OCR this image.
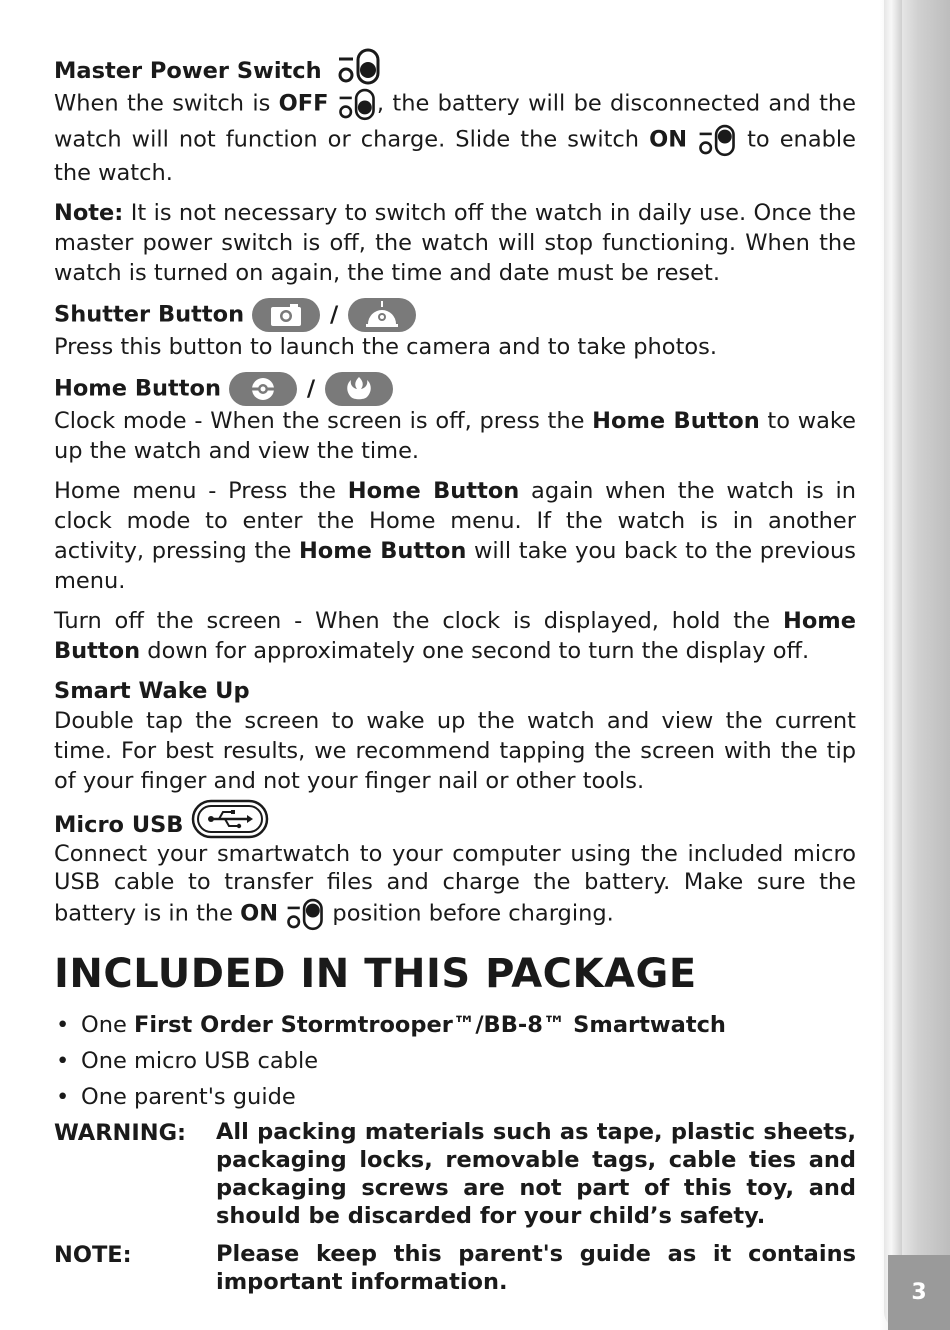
3
Master Power Switch
When the switch is OFF , the battery will be disconnected and the watch will not function or charge. Slide the switch ON  to enable the watch.
Note: It is not necessary to switch off the watch in daily use. Once the master power switch is off, the watch will stop functioning. When the watch is turned on again, the time and date must be reset.
Shutter Button	/
Press this button to launch the camera and to take photos.
Home Button	/
Clock mode - When the screen is off, press the Home Button to wake up the watch and view the time.
Home menu - Press the Home Button again when the watch is in clock mode to enter the Home menu. If the watch is in another activity, pressing the Home Button will take you back to the previous menu.
Turn off the screen - When the clock is displayed, hold the Home Button down for approximately one second to turn the display off.
Smart Wake Up
Double tap the screen to wake up the watch and view the current time. For best results, we recommend tapping the screen with the tip of your finger and not your finger nail or other tools.
Micro USB
Connect your smartwatch to your computer using the included micro USB cable to transfer files and charge the battery. Make sure the battery is in the ON  position before charging.
INCLUDED IN THIS PACKAGE
• One First Order Stormtrooper™/BB-8™ Smartwatch
• One micro USB cable
• One parent's guide
WARNING:	All packing materials such as tape, plastic sheets, packaging locks, removable tags, cable ties and packaging screws are not part of this toy, and should be discarded for your child’s safety.
NOTE:	Please keep this parent's guide as it contains important information.
